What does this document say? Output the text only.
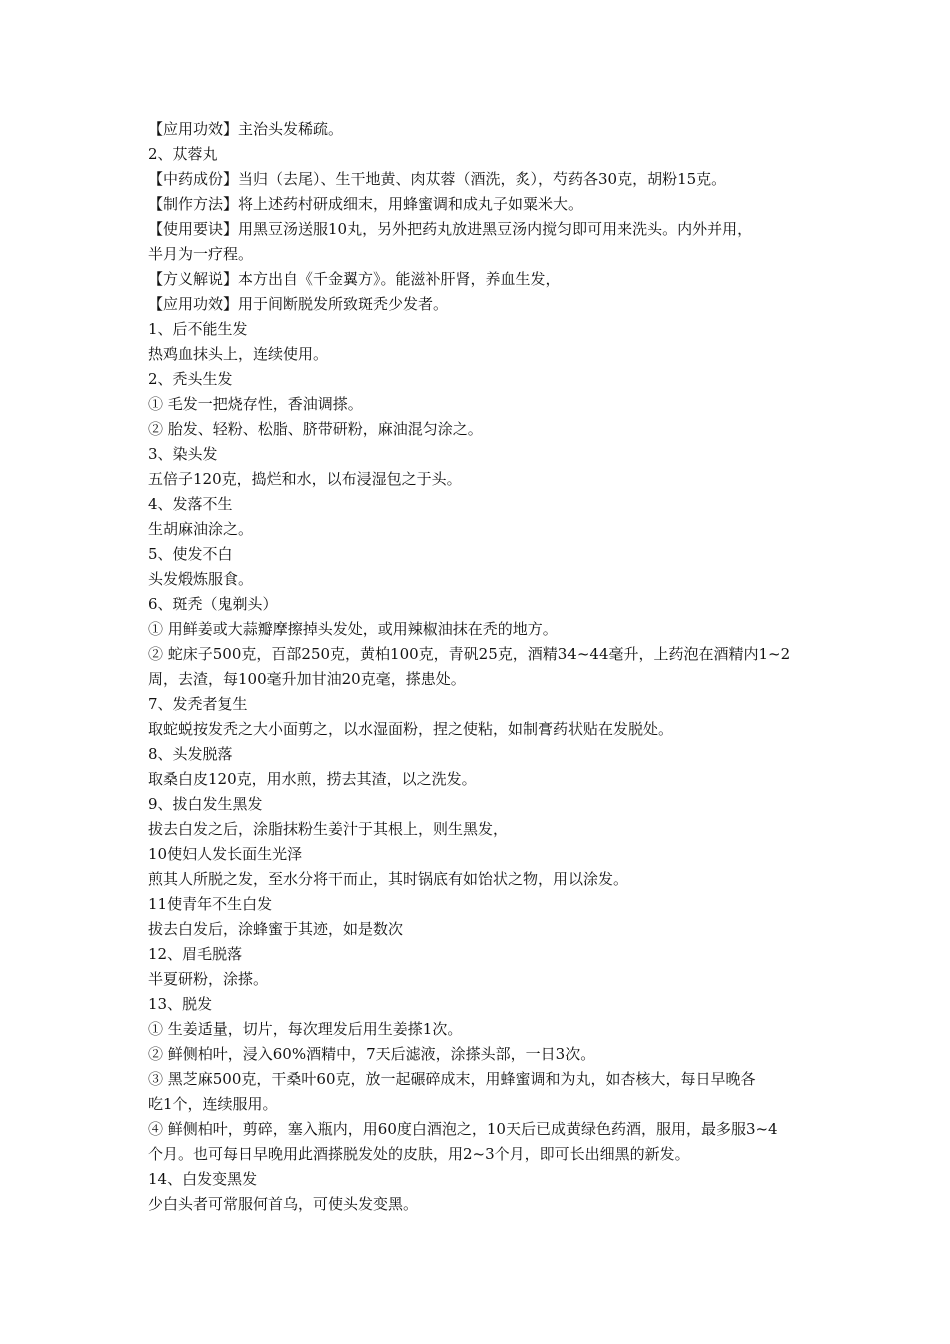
【应用功效】主治头发稀疏。
2、苁蓉丸
【中药成份】当归（去尾）、生干地黄、肉苁蓉（酒洗，炙），芍药各30克，胡粉15克。
【制作方法】将上述药村研成细末，用蜂蜜调和成丸子如粟米大。
【使用要诀】用黑豆汤送服10丸，另外把药丸放进黑豆汤内搅匀即可用来洗头。内外并用，
半月为一疗程。
【方义解说】本方出自《千金翼方》。能滋补肝肾，养血生发，
【应用功效】用于间断脱发所致斑秃少发者。
1、后不能生发
热鸡血抹头上，连续使用。
2、秃头生发
① 毛发一把烧存性，香油调搽。
② 胎发、轻粉、松脂、脐带研粉，麻油混匀涂之。
3、染头发
五倍子120克，捣烂和水，以布浸湿包之于头。
4、发落不生
生胡麻油涂之。
5、使发不白
头发煅炼服食。
6、斑秃（鬼剃头）
① 用鲜姜或大蒜瓣摩擦掉头发处，或用辣椒油抹在秃的地方。
② 蛇床子500克，百部250克，黄柏100克，青矾25克，酒精34~44毫升，上药泡在酒精内1~2
周，去渣，每100毫升加甘油20克毫，搽患处。
7、发秃者复生
取蛇蜕按发秃之大小面剪之，以水湿面粉，捏之使粘，如制膏药状贴在发脱处。
8、头发脱落
取桑白皮120克，用水煎，捞去其渣，以之洗发。
9、拔白发生黑发
拔去白发之后，涂脂抹粉生姜汁于其根上，则生黑发，
10使妇人发长面生光泽
煎其人所脱之发，至水分将干而止，其时锅底有如饴状之物，用以涂发。
11使青年不生白发
拔去白发后，涂蜂蜜于其迹，如是数次
12、眉毛脱落
半夏研粉，涂搽。
13、脱发
① 生姜适量，切片，每次理发后用生姜搽1次。
② 鲜侧柏叶，浸入60%酒精中，7天后滤液，涂搽头部，一日3次。
③ 黑芝麻500克，干桑叶60克，放一起碾碎成末，用蜂蜜调和为丸，如杏核大，每日早晚各
吃1个，连续服用。
④ 鲜侧柏叶，剪碎，塞入瓶内，用60度白酒泡之，10天后已成黄绿色药酒，服用，最多服3~4
个月。也可每日早晚用此酒搽脱发处的皮肤，用2~3个月，即可长出细黑的新发。
14、白发变黑发
少白头者可常服何首乌，可使头发变黑。
